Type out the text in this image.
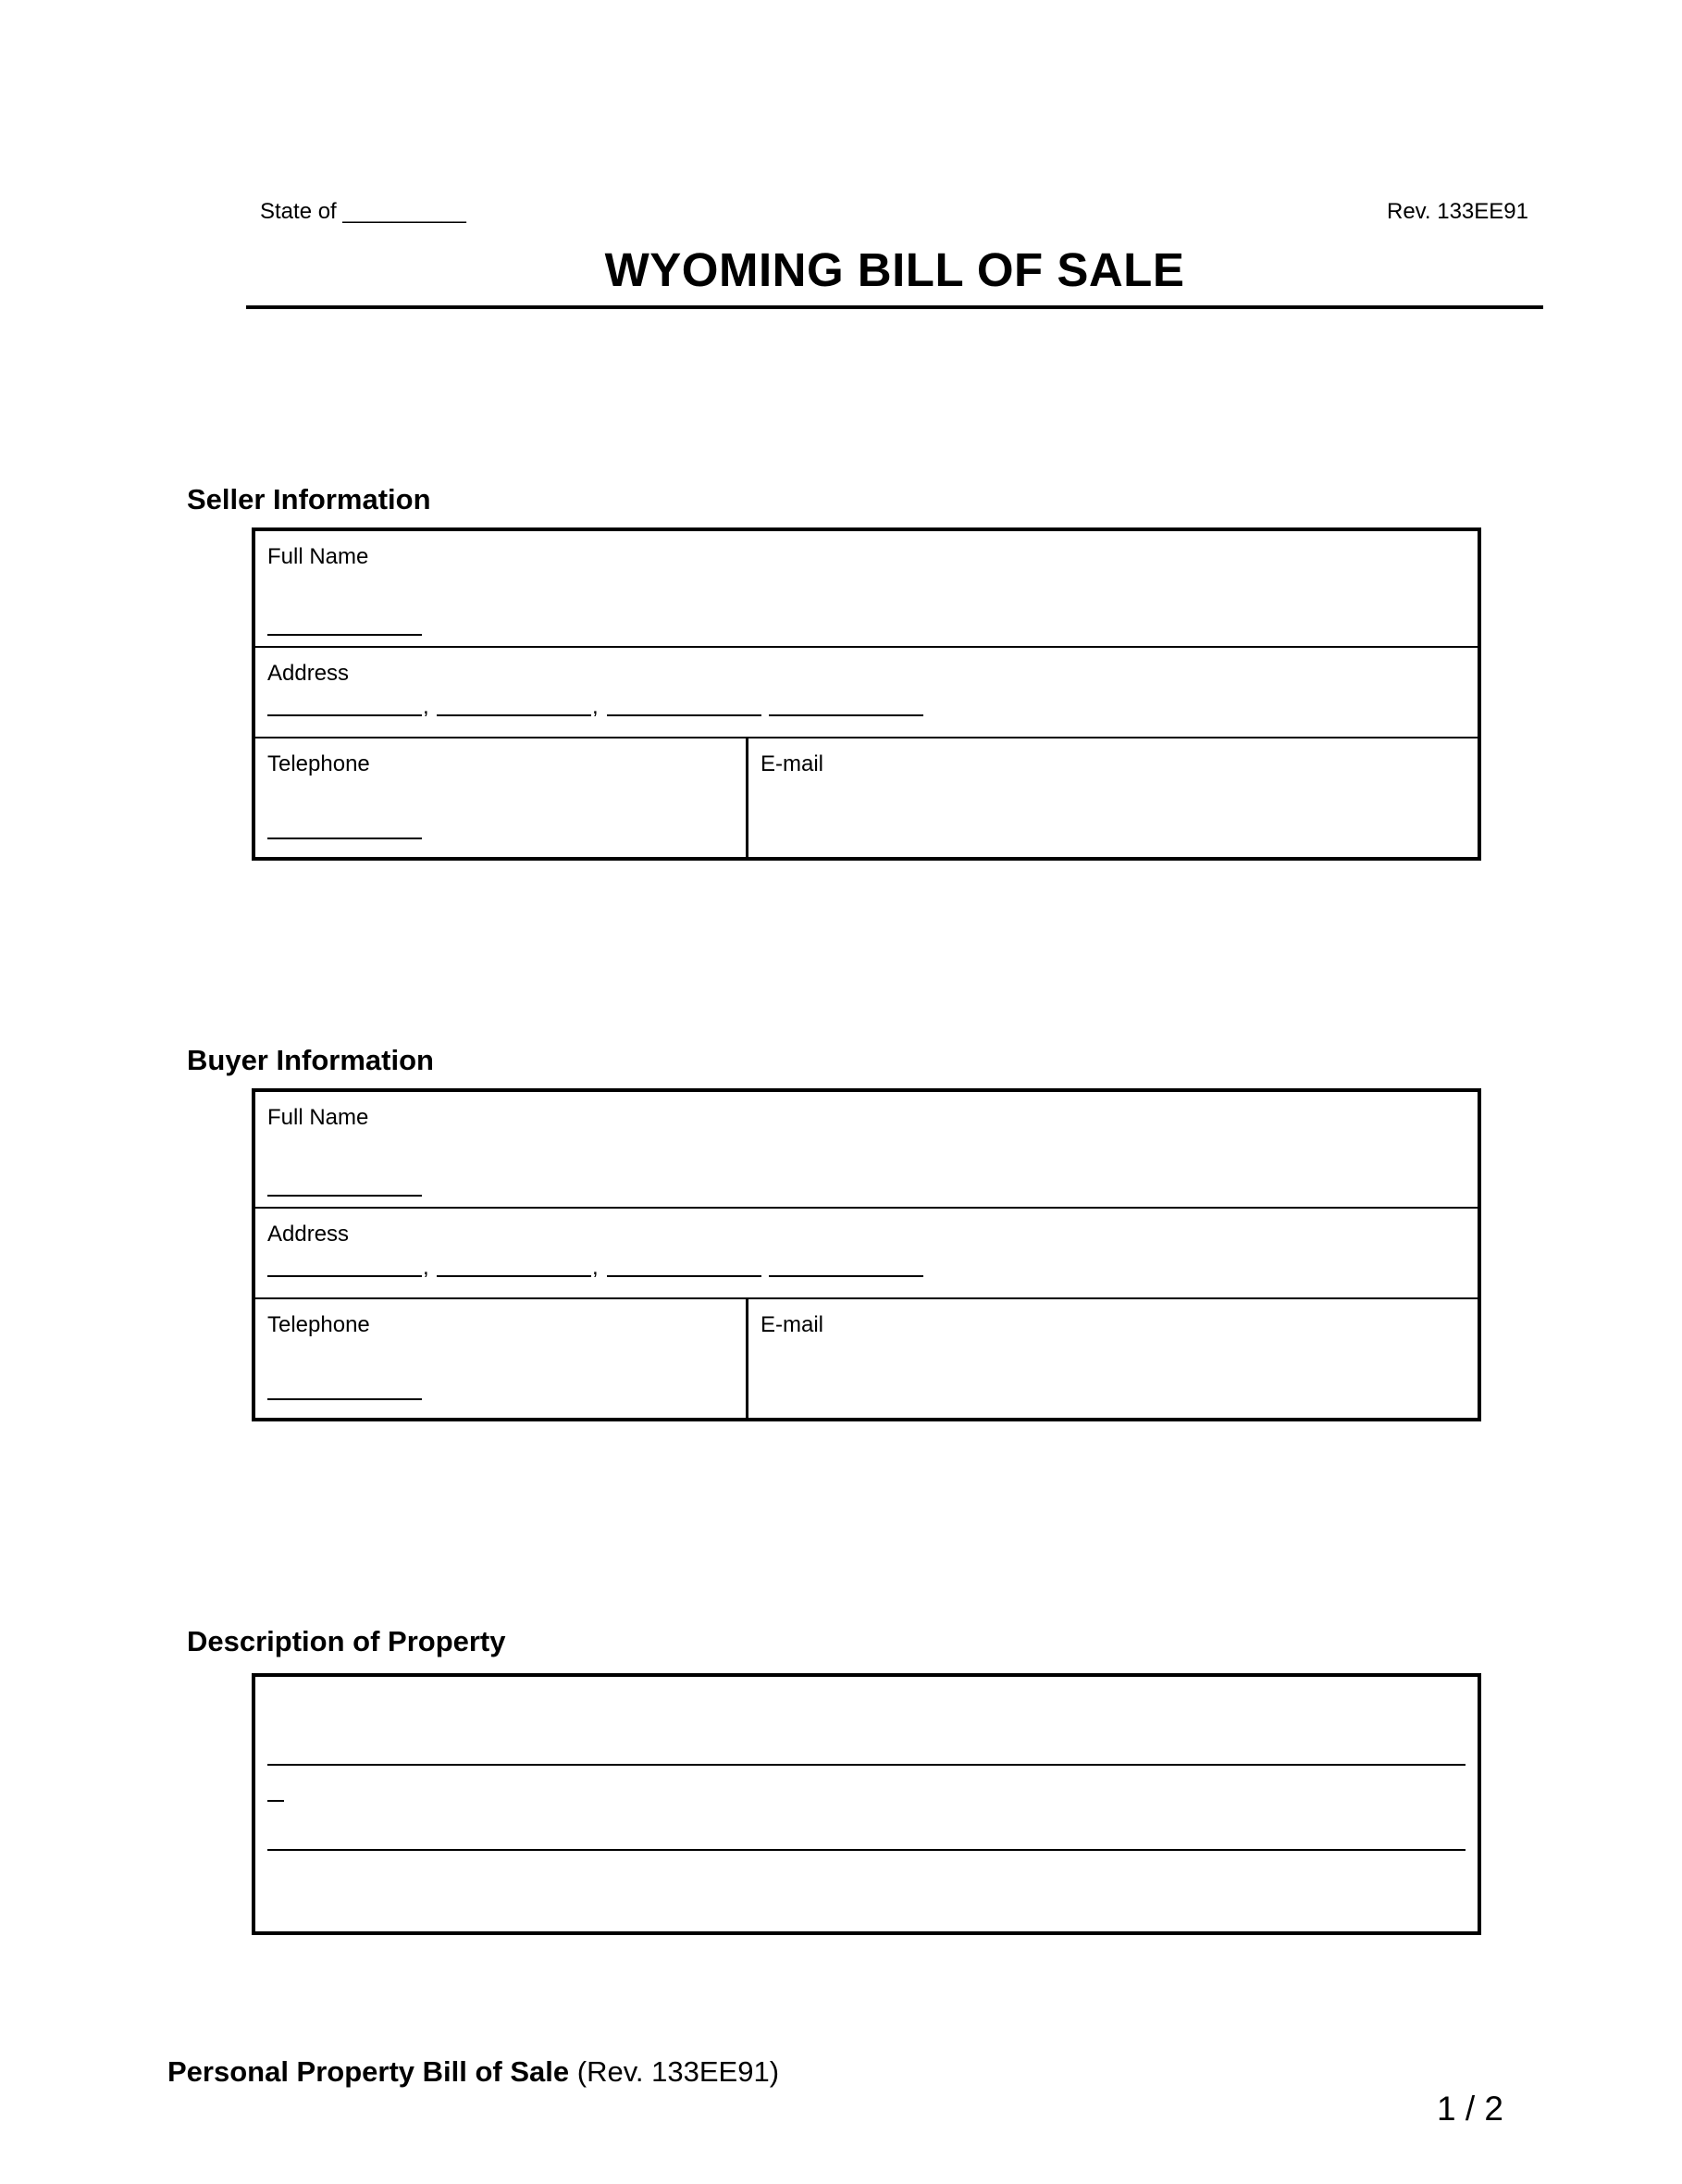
State of __________	Rev. 133EE91
WYOMING BILL OF SALE
Seller Information
Full Name
Address
,	,
Telephone	E-mail
Buyer Information
Full Name
Address
,	,
Telephone	E-mail
Description of Property
Personal Property Bill of Sale (Rev. 133EE91)
1 / 2
